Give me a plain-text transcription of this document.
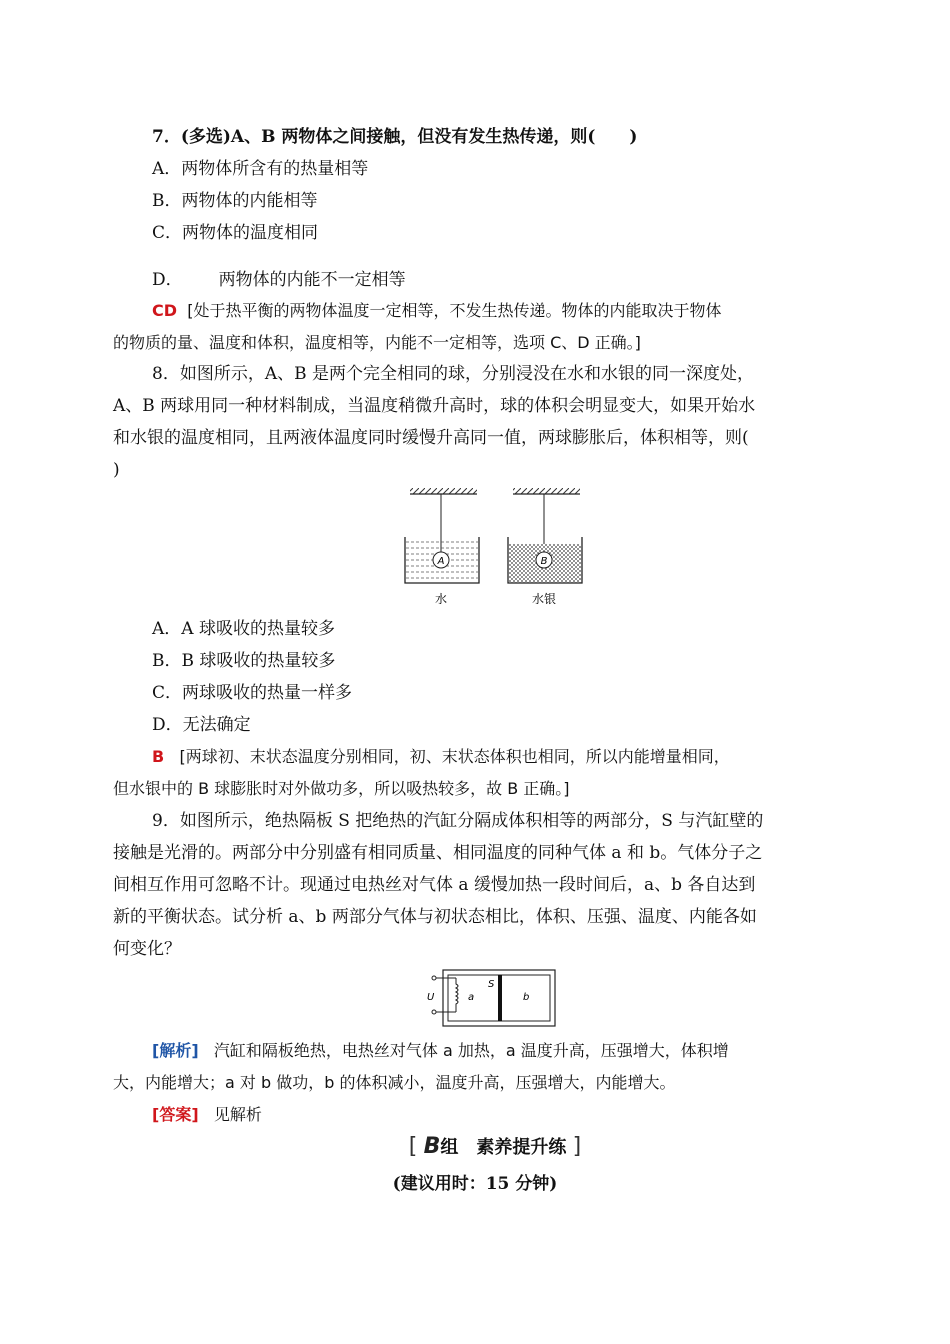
7．(多选)A、B 两物体之间接触，但没有发生热传递，则(　　)
A．两物体所含有的热量相等
B．两物体的内能相等
C．两物体的温度相同
D． 两物体的内能不一定相等
CD [处于热平衡的两物体温度一定相等，不发生热传递。物体的内能取决于物体
的物质的量、温度和体积，温度相等，内能不一定相等，选项 C、D 正确。]
8．如图所示，A、B 是两个完全相同的球，分别浸没在水和水银的同一深度处，
A、B 两球用同一种材料制成，当温度稍微升高时，球的体积会明显变大，如果开始水
和水银的温度相同，且两液体温度同时缓慢升高同一值，两球膨胀后，体积相等，则(
)
A	B
水	水银
A．A 球吸收的热量较多
B．B 球吸收的热量较多
C．两球吸收的热量一样多
D．无法确定
B [两球初、末状态温度分别相同，初、末状态体积也相同，所以内能增量相同，
但水银中的 B 球膨胀时对外做功多，所以吸热较多，故 B 正确。]
9．如图所示，绝热隔板 S 把绝热的汽缸分隔成体积相等的两部分，S 与汽缸壁的
接触是光滑的。两部分中分别盛有相同质量、相同温度的同种气体 a 和 b。气体分子之
间相互作用可忽略不计。现通过电热丝对气体 a 缓慢加热一段时间后，a、b 各自达到
新的平衡状态。试分析 a、b 两部分气体与初状态相比，体积、压强、温度、内能各如
何变化？
U	a
S
b
[解析] 汽缸和隔板绝热，电热丝对气体 a 加热，a 温度升高，压强增大，体积增
大，内能增大；a 对 b 做功，b 的体积减小，温度升高，压强增大，内能增大。
[答案] 见解析
[ B组　素养提升练 ]
(建议用时：15 分钟)
